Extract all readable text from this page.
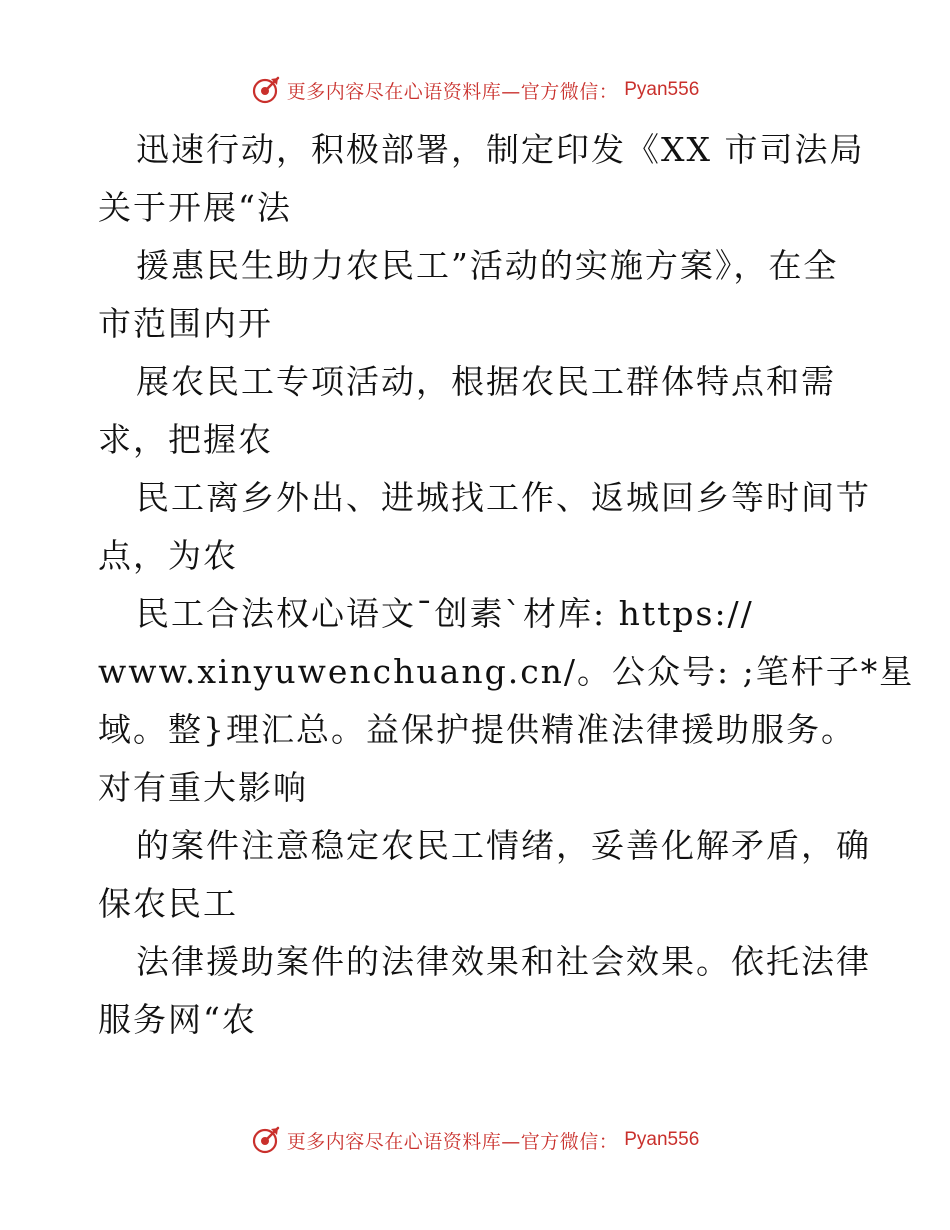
更多内容尽在心语资料库—官方微信： Pyan556
迅速行动，积极部署，制定印发《XX 市司法局
关于开展“法
援惠民生助力农民工”活动的实施方案》，在全
市范围内开
展农民工专项活动，根据农民工群体特点和需
求，把握农
民工离乡外出、进城找工作、返城回乡等时间节
点，为农
民工合法权心语文¯创素`材库: https://
www.xinyuwenchuang.cn/。公众号: ;笔杆子*星
域。整}理汇总。益保护提供精准法律援助服务。
对有重大影响
的案件注意稳定农民工情绪，妥善化解矛盾，确
保农民工
法律援助案件的法律效果和社会效果。依托法律
服务网“农
更多内容尽在心语资料库—官方微信： Pyan556
